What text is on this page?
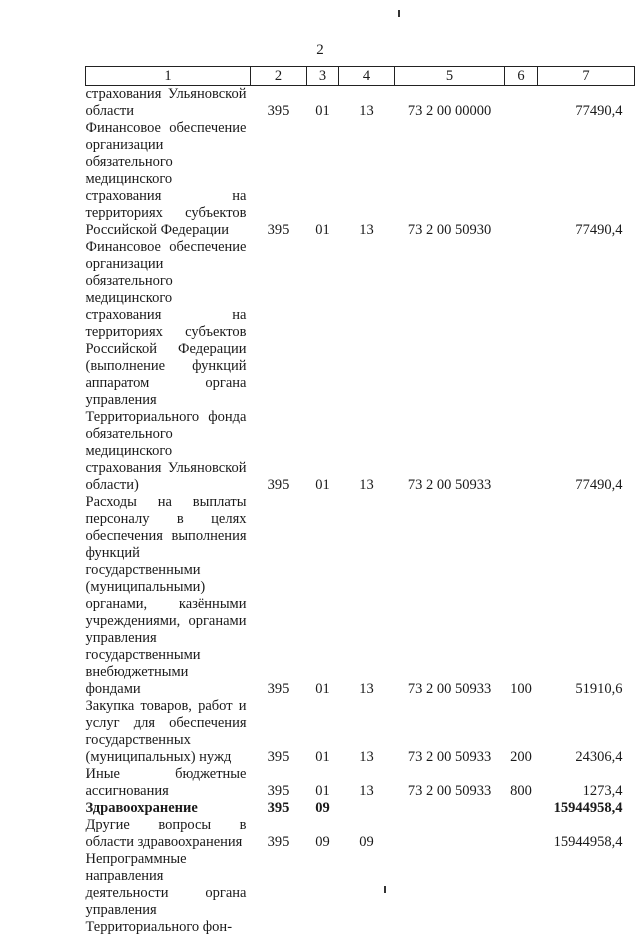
2
1	2	3	4	5	6	7
страхования Ульяновской области	395	01	13	73 2 00 00000		77490,4
Финансовое обеспечение организации обязательного медицинского страхования на территориях субъектов Российской Федерации	395	01	13	73 2 00 50930		77490,4
Финансовое обеспечение организации обязательного медицинского страхования на территориях субъектов Российской Федерации (выполнение функций аппаратом органа управления Территориального фонда обязательного медицинского страхования Ульяновской области)	395	01	13	73 2 00 50933		77490,4
Расходы на выплаты персоналу в целях обеспечения выполнения функций государственными (муниципальными) органами, казёнными учреждениями, органами управления государственными внебюджетными фондами	395	01	13	73 2 00 50933	100	51910,6
Закупка товаров, работ и услуг для обеспечения государственных (муниципальных) нужд	395	01	13	73 2 00 50933	200	24306,4
Иные бюджетные ассигнования	395	01	13	73 2 00 50933	800	1273,4
Здравоохранение	395	09				15944958,4
Другие вопросы в области здравоохранения	395	09	09			15944958,4
Непрограммные направления деятельности органа управления Территориального фон-						
